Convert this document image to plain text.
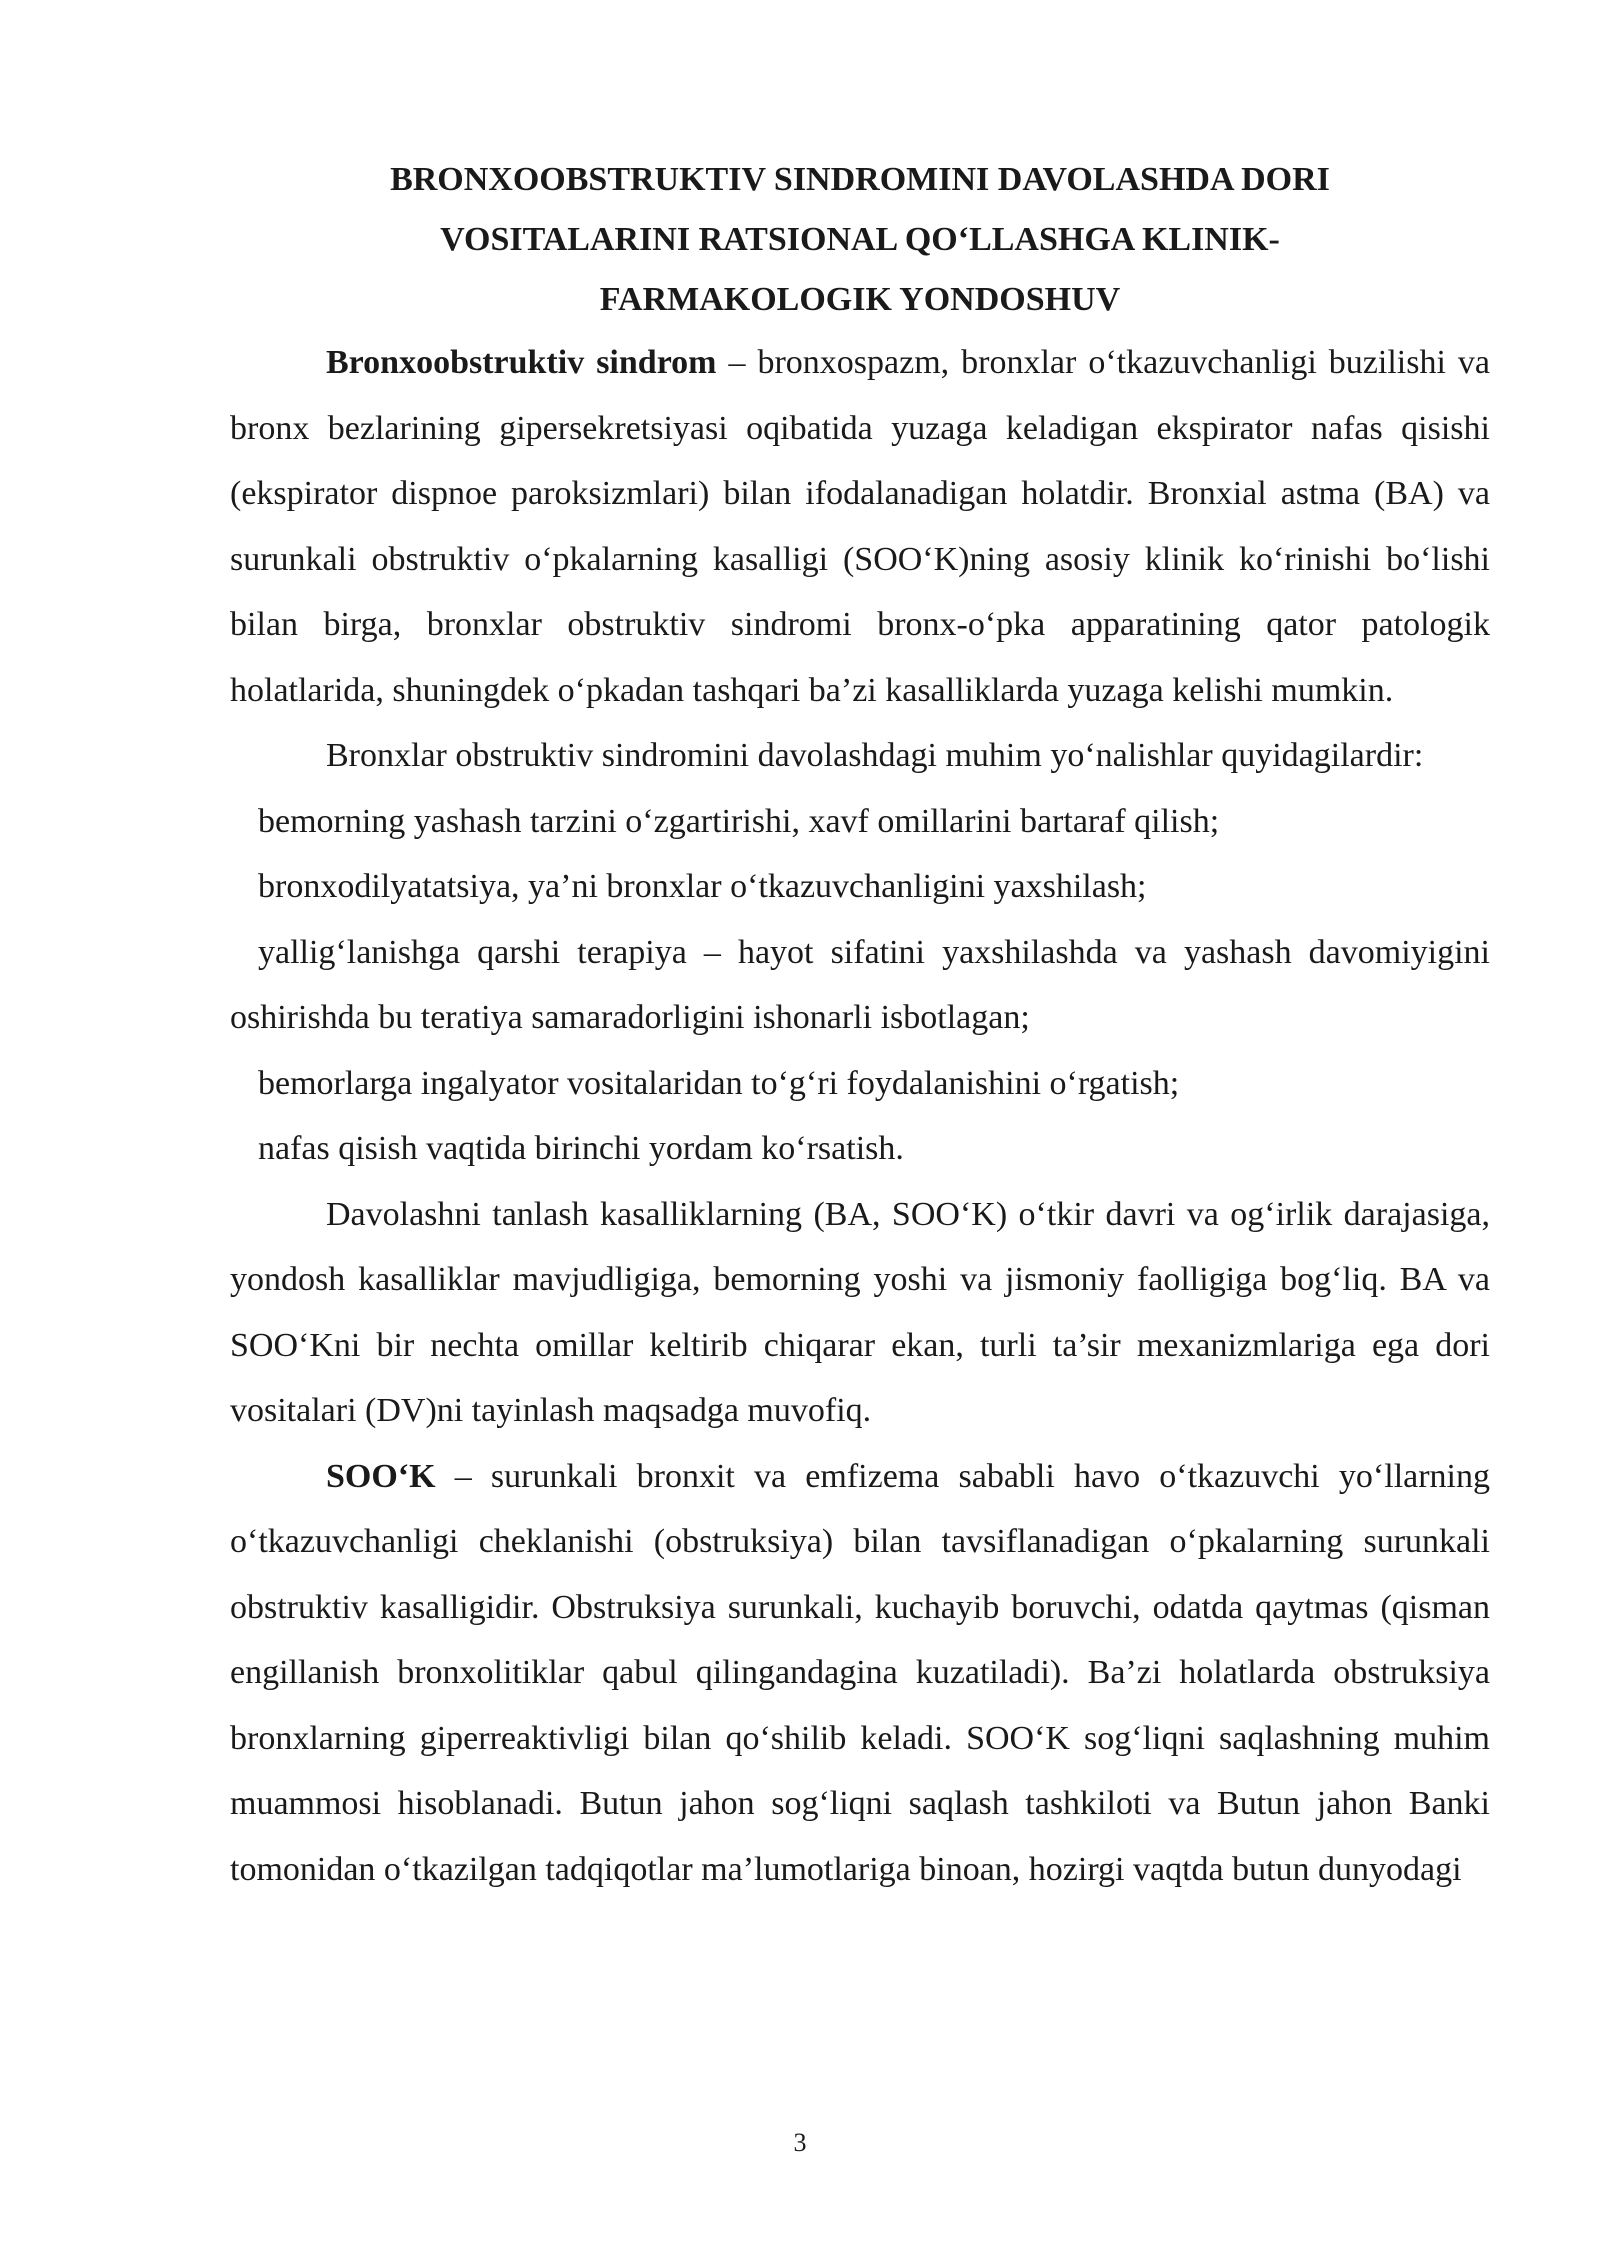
BRONXOOBSTRUKTIV SINDROMINI DAVOLASHDA DORI
VOSITALARINI RATSIONAL QO‘LLASHGA KLINIK-
FARMAKOLOGIK YONDOSHUV

Bronxoobstruktiv sindrom – bronxospazm, bronxlar o‘tkazuvchanligi buzilishi va bronx bezlarining gipersekretsiyasi oqibatida yuzaga keladigan ekspirator nafas qisishi (ekspirator dispnoe paroksizmlari) bilan ifodalanadigan holatdir. Bronxial astma (BA) va surunkali obstruktiv o‘pkalarning kasalligi (SOO‘K)ning asosiy klinik ko‘rinishi bo‘lishi bilan birga, bronxlar obstruktiv sindromi bronx-o‘pka apparatining qator patologik holatlarida, shuningdek o‘pkadan tashqari ba’zi kasalliklarda yuzaga kelishi mumkin.

Bronxlar obstruktiv sindromini davolashdagi muhim yo‘nalishlar quyidagilardir:

bemorning yashash tarzini o‘zgartirishi, xavf omillarini bartaraf qilish;
bronxodilyatatsiya, ya’ni bronxlar o‘tkazuvchanligini yaxshilash;
yallig‘lanishga qarshi terapiya – hayot sifatini yaxshilashda va yashash davomiyigini oshirishda bu teratiya samaradorligini ishonarli isbotlagan;
bemorlarga ingalyator vositalaridan to‘g‘ri foydalanishini o‘rgatish;
nafas qisish vaqtida birinchi yordam ko‘rsatish.

Davolashni tanlash kasalliklarning (BA, SOO‘K) o‘tkir davri va og‘irlik darajasiga, yondosh kasalliklar mavjudligiga, bemorning yoshi va jismoniy faolligiga bog‘liq. BA va SOO‘Kni bir nechta omillar keltirib chiqarar ekan, turli ta’sir mexanizmlariga ega dori vositalari (DV)ni tayinlash maqsadga muvofiq.

SOO‘K – surunkali bronxit va emfizema sababli havo o‘tkazuvchi yo‘llarning o‘tkazuvchanligi cheklanishi (obstruksiya) bilan tavsiflanadigan o‘pkalarning surunkali obstruktiv kasalligidir. Obstruksiya surunkali, kuchayib boruvchi, odatda qaytmas (qisman engillanish bronxolitiklar qabul qilingandagina kuzatiladi). Ba’zi holatlarda obstruksiya bronxlarning giperreaktivligi bilan qo‘shilib keladi. SOO‘K sog‘liqni saqlashning muhim muammosi hisoblanadi. Butun jahon sog‘liqni saqlash tashkiloti va Butun jahon Banki tomonidan o‘tkazilgan tadqiqotlar ma’lumotlariga binoan, hozirgi vaqtda butun dunyodagi

3
